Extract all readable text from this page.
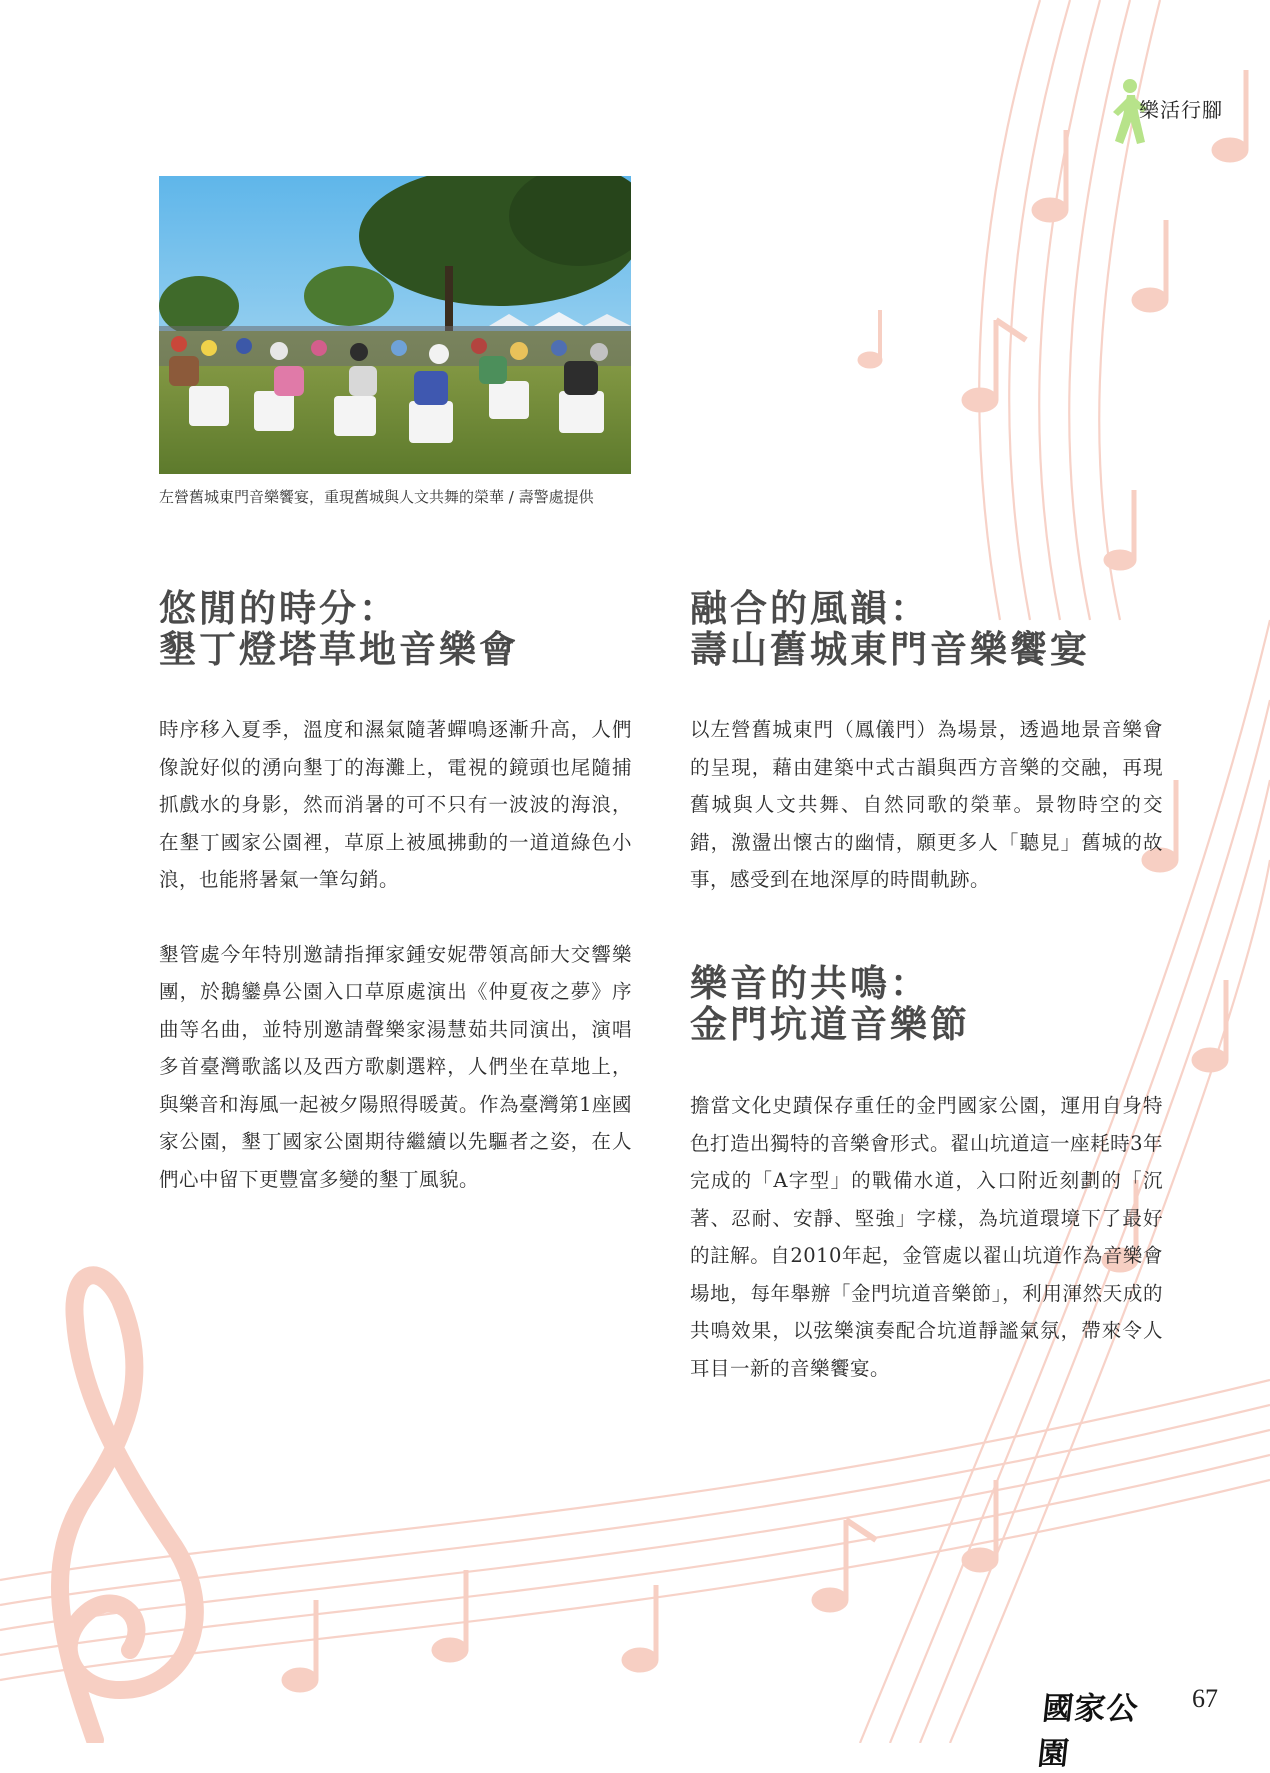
樂活行腳
左營舊城東門音樂饗宴，重現舊城與人文共舞的榮華 / 壽警處提供
悠閒的時分：
墾丁燈塔草地音樂會

時序移入夏季，溫度和濕氣隨著蟬鳴逐漸升高，人們像說好似的湧向墾丁的海灘上，電視的鏡頭也尾隨捕抓戲水的身影，然而消暑的可不只有一波波的海浪，在墾丁國家公園裡，草原上被風拂動的一道道綠色小浪，也能將暑氣一筆勾銷。

墾管處今年特別邀請指揮家鍾安妮帶領高師大交響樂團，於鵝鑾鼻公園入口草原處演出《仲夏夜之夢》序曲等名曲，並特別邀請聲樂家湯慧茹共同演出，演唱多首臺灣歌謠以及西方歌劇選粹，人們坐在草地上，與樂音和海風一起被夕陽照得暖黃。作為臺灣第1座國家公園，墾丁國家公園期待繼續以先驅者之姿，在人們心中留下更豐富多變的墾丁風貌。

融合的風韻：
壽山舊城東門音樂饗宴

以左營舊城東門（鳳儀門）為場景，透過地景音樂會的呈現，藉由建築中式古韻與西方音樂的交融，再現舊城與人文共舞、自然同歌的榮華。景物時空的交錯，激盪出懷古的幽情，願更多人「聽見」舊城的故事，感受到在地深厚的時間軌跡。

樂音的共鳴：
金門坑道音樂節

擔當文化史蹟保存重任的金門國家公園，運用自身特色打造出獨特的音樂會形式。翟山坑道這一座耗時3年完成的「A字型」的戰備水道，入口附近刻劃的「沉著、忍耐、安靜、堅強」字樣，為坑道環境下了最好的註解。自2010年起，金管處以翟山坑道作為音樂會場地，每年舉辦「金門坑道音樂節」，利用渾然天成的共鳴效果，以弦樂演奏配合坑道靜謐氣氛，帶來令人耳目一新的音樂饗宴。

國家公園
67
